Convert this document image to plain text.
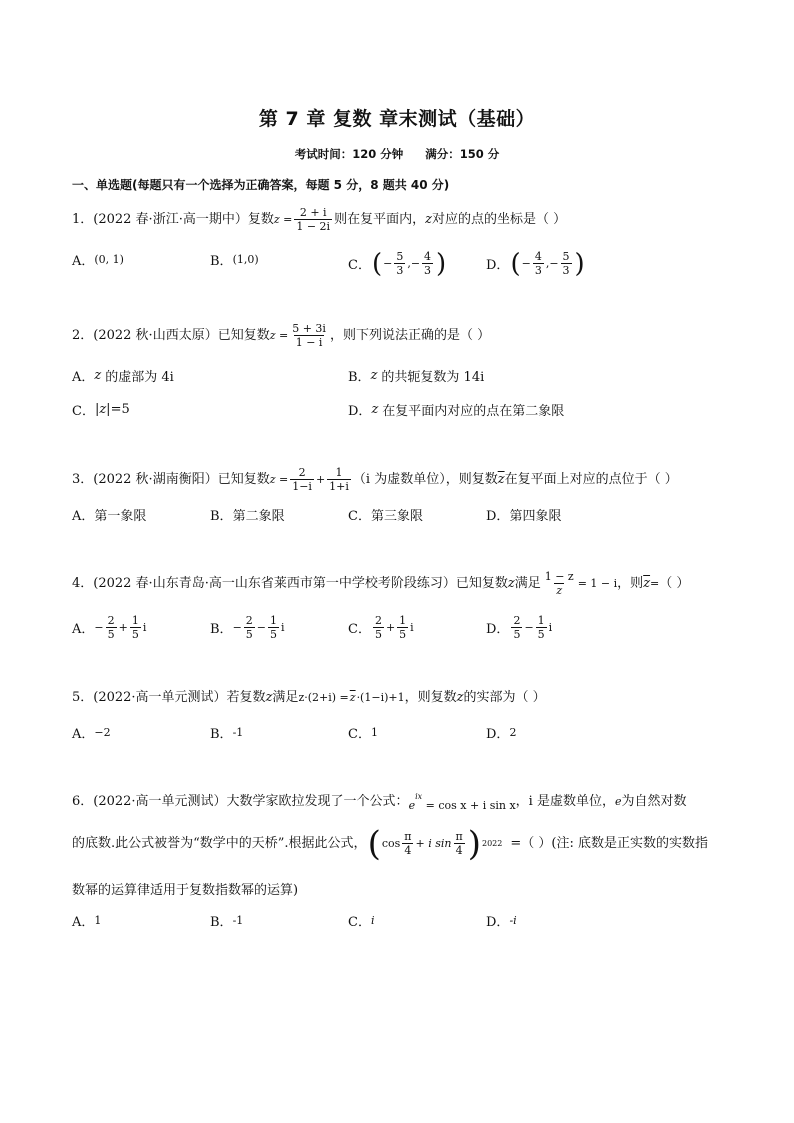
第 7 章 复数 章末测试（基础）
考试时间：120 分钟 满分：150 分
一、单选题(每题只有一个选择为正确答案，每题 5 分，8 题共 40 分)
1．(2022 春·浙江·高一期中）复数 $z = \frac{2 + i}{1 - 2i}$ 则在复平面内， z 对应的点的坐标是（ ）
A． (0, 1)	B． (1,0)	C． ( − $\frac{5}{3}$ , − $\frac{4}{3}$ )	D． ( − $\frac{4}{3}$ , − $\frac{5}{3}$ )
2．(2022 秋·山西太原）已知复数 $z = \frac{5 + 3i}{1 - i}$ ，则下列说法正确的是（ ）
A． z 的虚部为 4i	B． z 的共轭复数为 14i
C． |z| =5	D． z 在复平面内对应的点在第二象限
3．(2022 秋·湖南衡阳）已知复数 $z = \frac{2}{1-i} + \frac{1}{1+i} (i$ 为虚数单位），则复数 $\overline{z}$ 在复平面上对应的点位于（ ）
A． 第一象限	B． 第二象限	C． 第三象限	D． 第四象限
4．(2022 春·山东青岛·高一山东省莱西市第一中学校考阶段练习）已知复数 z 满足 $\frac{1 - z}{z} = 1 - i$ ，则 $\overline{z}$ = （ ）
A． − $\frac{2}{5} + \frac{1}{5}$ i	B． − $\frac{2}{5} - \frac{1}{5}$ i	C． $\frac{2}{5} + \frac{1}{5}$ i	D． $\frac{2}{5} - \frac{1}{5}$ i
5．(2022·高一单元测试）若复数 z 满足 $z\cdot(2+i) = \overline{z} \cdot(1-i)+1$ ，则复数 z 的实部为（ ）
A． −2	B． -1	C． 1	D． 2
6．(2022·高一单元测试）大数学家欧拉发现了一个公式： $e^{ix} = \cos x + i$ sin x ，i 是虚数单位， e 为自然对数
的底数.此公式被誉为“数学中的天桥”.根据此公式， ( $\cos \frac{\pi}{4} + i$ $\sin \frac{\pi}{4}$ ) 2022 =（ ）(注: 底数是正实数的实数指
数幂的运算律适用于复数指数幂的运算)
A． 1	B． -1	C． i	D． -i
